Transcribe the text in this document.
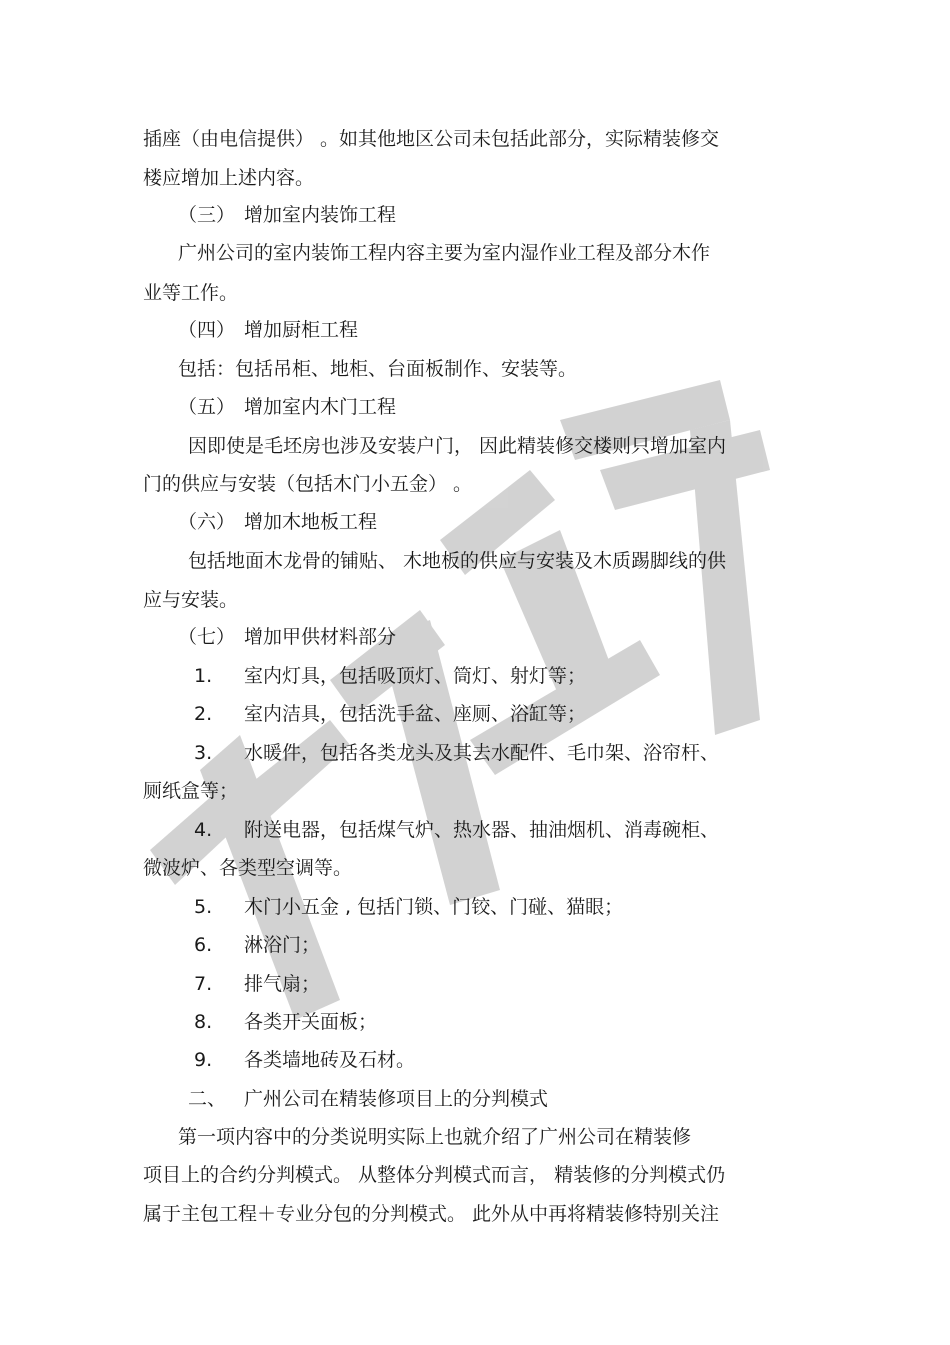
插座（由电信提供） 。如其他地区公司未包括此部分，实际精装修交
楼应增加上述内容。
（三） 增加室内装饰工程
广州公司的室内装饰工程内容主要为室内湿作业工程及部分木作
业等工作。
（四） 增加厨柜工程
包括：包括吊柜、地柜、台面板制作、安装等。
（五） 增加室内木门工程
因即使是毛坯房也涉及安装户门， 因此精装修交楼则只增加室内
门的供应与安装（包括木门小五金） 。
（六） 增加木地板工程
包括地面木龙骨的铺贴、 木地板的供应与安装及木质踢脚线的供
应与安装。
（七） 增加甲供材料部分
1. 室内灯具，包括吸顶灯、筒灯、射灯等；
2. 室内洁具，包括洗手盆、座厕、浴缸等；
3. 水暖件，包括各类龙头及其去水配件、毛巾架、浴帘杆、
厕纸盒等；
4. 附送电器，包括煤气炉、热水器、抽油烟机、消毒碗柜、
微波炉、各类型空调等。
5. 木门小五金 , 包括门锁、门铰、门碰、猫眼；
6. 淋浴门；
7. 排气扇；
8. 各类开关面板；
9. 各类墙地砖及石材。
二、 广州公司在精装修项目上的分判模式
第一项内容中的分类说明实际上也就介绍了广州公司在精装修
项目上的合约分判模式。 从整体分判模式而言， 精装修的分判模式仍
属于主包工程＋专业分包的分判模式。 此外从中再将精装修特别关注
